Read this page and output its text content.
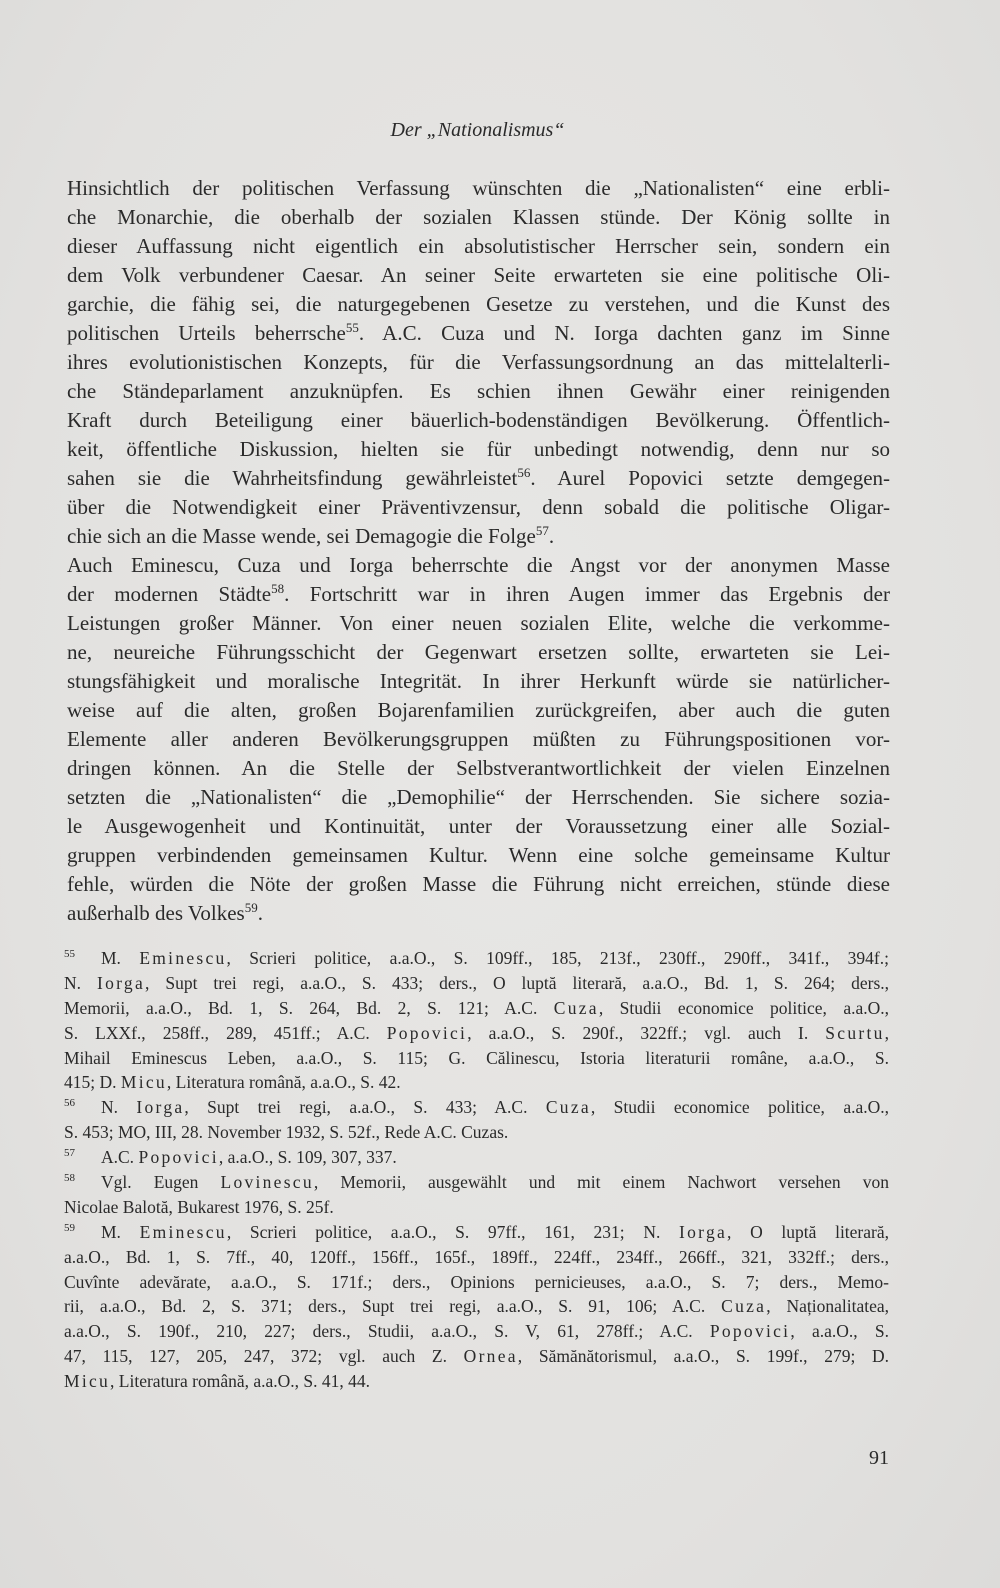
Der „Nationalismus“
Hinsichtlich der politischen Verfassung wünschten die „Nationalisten“ eine erbli-
che Monarchie, die oberhalb der sozialen Klassen stünde. Der König sollte in
dieser Auffassung nicht eigentlich ein absolutistischer Herrscher sein, sondern ein
dem Volk verbundener Caesar. An seiner Seite erwarteten sie eine politische Oli-
garchie, die fähig sei, die naturgegebenen Gesetze zu verstehen, und die Kunst des
politischen Urteils beherrsche$^{55}$. A.C. Cuza und N. Iorga dachten ganz im Sinne
ihres evolutionistischen Konzepts, für die Verfassungsordnung an das mittelalterli-
che Ständeparlament anzuknüpfen. Es schien ihnen Gewähr einer reinigenden
Kraft durch Beteiligung einer bäuerlich-bodenständigen Bevölkerung. Öffentlich-
keit, öffentliche Diskussion, hielten sie für unbedingt notwendig, denn nur so
sahen sie die Wahrheitsfindung gewährleistet$^{56}$. Aurel Popovici setzte demgegen-
über die Notwendigkeit einer Präventivzensur, denn sobald die politische Oligar-
chie sich an die Masse wende, sei Demagogie die Folge$^{57}$.
Auch Eminescu, Cuza und Iorga beherrschte die Angst vor der anonymen Masse
der modernen Städte$^{58}$. Fortschritt war in ihren Augen immer das Ergebnis der
Leistungen großer Männer. Von einer neuen sozialen Elite, welche die verkomme-
ne, neureiche Führungsschicht der Gegenwart ersetzen sollte, erwarteten sie Lei-
stungsfähigkeit und moralische Integrität. In ihrer Herkunft würde sie natürlicher-
weise auf die alten, großen Bojarenfamilien zurückgreifen, aber auch die guten
Elemente aller anderen Bevölkerungsgruppen müßten zu Führungspositionen vor-
dringen können. An die Stelle der Selbstverantwortlichkeit der vielen Einzelnen
setzten die „Nationalisten“ die „Demophilie“ der Herrschenden. Sie sichere sozia-
le Ausgewogenheit und Kontinuität, unter der Voraussetzung einer alle Sozial-
gruppen verbindenden gemeinsamen Kultur. Wenn eine solche gemeinsame Kultur
fehle, würden die Nöte der großen Masse die Führung nicht erreichen, stünde diese
außerhalb des Volkes$^{59}$.
55 M. Eminescu, Scrieri politice, a.a.O., S. 109ff., 185, 213f., 230ff., 290ff., 341f., 394f.;
N. Iorga, Supt trei regi, a.a.O., S. 433; ders., O luptă literară, a.a.O., Bd. 1, S. 264; ders.,
Memorii, a.a.O., Bd. 1, S. 264, Bd. 2, S. 121; A.C. Cuza, Studii economice politice, a.a.O.,
S. LXXf., 258ff., 289, 451ff.; A.C. Popovici, a.a.O., S. 290f., 322ff.; vgl. auch I. Scurtu,
Mihail Eminescus Leben, a.a.O., S. 115; G. Călinescu, Istoria literaturii române, a.a.O., S.
415; D. Micu, Literatura română, a.a.O., S. 42.
56 N. Iorga, Supt trei regi, a.a.O., S. 433; A.C. Cuza, Studii economice politice, a.a.O.,
S. 453; MO, III, 28. November 1932, S. 52f., Rede A.C. Cuzas.
57 A.C. Popovici, a.a.O., S. 109, 307, 337.
58 Vgl. Eugen Lovinescu, Memorii, ausgewählt und mit einem Nachwort versehen von
Nicolae Balotă, Bukarest 1976, S. 25f.
59 M. Eminescu, Scrieri politice, a.a.O., S. 97ff., 161, 231; N. Iorga, O luptă literară,
a.a.O., Bd. 1, S. 7ff., 40, 120ff., 156ff., 165f., 189ff., 224ff., 234ff., 266ff., 321, 332ff.; ders.,
Cuvînte adevărate, a.a.O., S. 171f.; ders., Opinions pernicieuses, a.a.O., S. 7; ders., Memo-
rii, a.a.O., Bd. 2, S. 371; ders., Supt trei regi, a.a.O., S. 91, 106; A.C. Cuza, Naționalitatea,
a.a.O., S. 190f., 210, 227; ders., Studii, a.a.O., S. V, 61, 278ff.; A.C. Popovici, a.a.O., S.
47, 115, 127, 205, 247, 372; vgl. auch Z. Ornea, Sămănătorismul, a.a.O., S. 199f., 279; D.
Micu, Literatura română, a.a.O., S. 41, 44.
91
